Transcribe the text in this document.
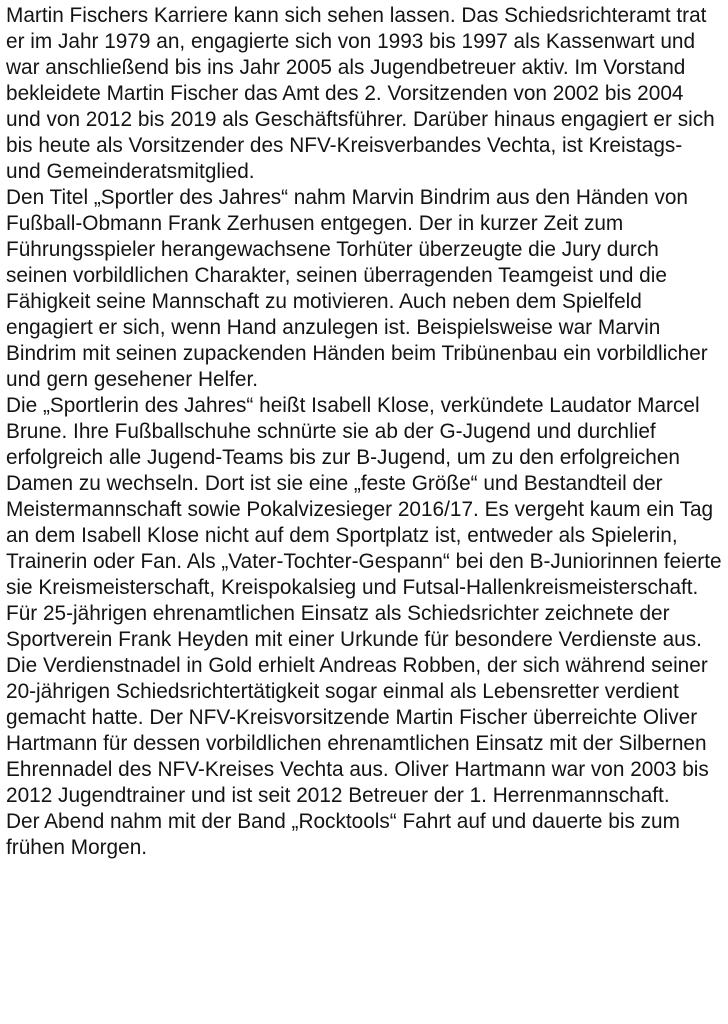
Martin Fischers Karriere kann sich sehen lassen. Das Schiedsrichteramt trat er im Jahr 1979 an, engagierte sich von 1993 bis 1997 als Kassenwart und war anschließend bis ins Jahr 2005 als Jugendbetreuer aktiv. Im Vorstand bekleidete Martin Fischer das Amt des 2. Vorsitzenden von 2002 bis 2004 und von 2012 bis 2019 als Geschäftsführer. Darüber hinaus engagiert er sich bis heute als Vorsitzender des NFV-Kreisverbandes Vechta, ist Kreistags- und Gemeinderatsmitglied.

Den Titel „Sportler des Jahres“ nahm Marvin Bindrim aus den Händen von Fußball-Obmann Frank Zerhusen entgegen. Der in kurzer Zeit zum Führungsspieler herangewachsene Torhüter überzeugte die Jury durch seinen vorbildlichen Charakter, seinen überragenden Teamgeist und die Fähigkeit seine Mannschaft zu motivieren. Auch neben dem Spielfeld engagiert er sich, wenn Hand anzulegen ist. Beispielsweise war Marvin Bindrim mit seinen zupackenden Händen beim Tribünenbau ein vorbildlicher und gern gesehener Helfer.

Die „Sportlerin des Jahres“ heißt Isabell Klose, verkündete Laudator Marcel Brune. Ihre Fußballschuhe schnürte sie ab der G-Jugend und durchlief erfolgreich alle Jugend-Teams bis zur B-Jugend, um zu den erfolgreichen Damen zu wechseln. Dort ist sie eine „feste Größe“ und Bestandteil der Meistermannschaft sowie Pokalvizesieger 2016/17. Es vergeht kaum ein Tag an dem Isabell Klose nicht auf dem Sportplatz ist, entweder als Spielerin, Trainerin oder Fan. Als „Vater-Tochter-Gespann“ bei den B-Juniorinnen feierte sie Kreismeisterschaft, Kreispokalsieg und Futsal-Hallenkreismeisterschaft.

Für 25-jährigen ehrenamtlichen Einsatz als Schiedsrichter zeichnete der Sportverein Frank Heyden mit einer Urkunde für besondere Verdienste aus. Die Verdienstnadel in Gold erhielt Andreas Robben, der sich während seiner 20-jährigen Schiedsrichtertätigkeit sogar einmal als Lebensretter verdient gemacht hatte. Der NFV-Kreisvorsitzende Martin Fischer überreichte Oliver Hartmann für dessen vorbildlichen ehrenamtlichen Einsatz mit der Silbernen Ehrennadel des NFV-Kreises Vechta aus. Oliver Hartmann war von 2003 bis 2012 Jugendtrainer und ist seit 2012 Betreuer der 1. Herrenmannschaft.

Der Abend nahm mit der Band „Rocktools“ Fahrt auf und dauerte bis zum frühen Morgen.
